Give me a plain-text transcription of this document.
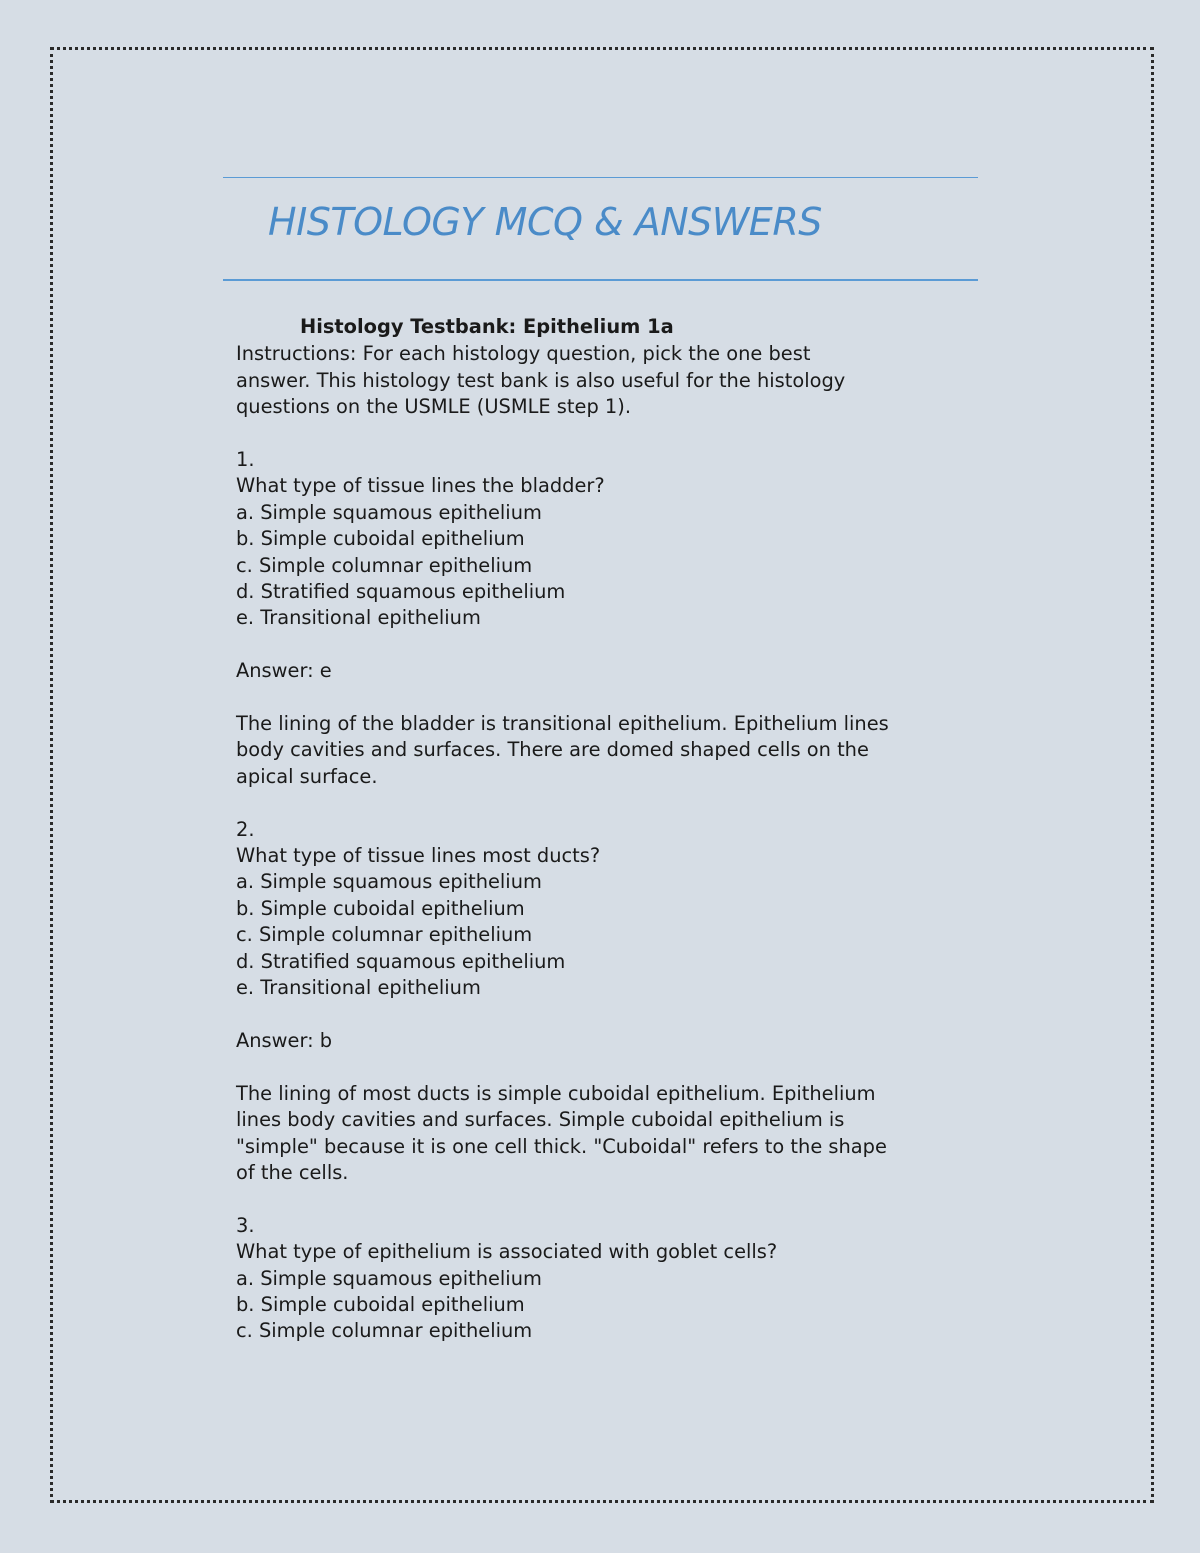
HISTOLOGY MCQ & ANSWERS

Histology Testbank: Epithelium 1a

Instructions: For each histology question, pick the one best

answer. This histology test bank is also useful for the histology

questions on the USMLE (USMLE step 1).

1.

What type of tissue lines the bladder?

a. Simple squamous epithelium

b. Simple cuboidal epithelium

c. Simple columnar epithelium

d. Stratified squamous epithelium

e. Transitional epithelium

Answer: e

The lining of the bladder is transitional epithelium. Epithelium lines

body cavities and surfaces. There are domed shaped cells on the

apical surface.

2.

What type of tissue lines most ducts?

a. Simple squamous epithelium

b. Simple cuboidal epithelium

c. Simple columnar epithelium

d. Stratified squamous epithelium

e. Transitional epithelium

Answer: b

The lining of most ducts is simple cuboidal epithelium. Epithelium

lines body cavities and surfaces. Simple cuboidal epithelium is

"simple" because it is one cell thick. "Cuboidal" refers to the shape

of the cells.

3.

What type of epithelium is associated with goblet cells?

a. Simple squamous epithelium

b. Simple cuboidal epithelium

c. Simple columnar epithelium
